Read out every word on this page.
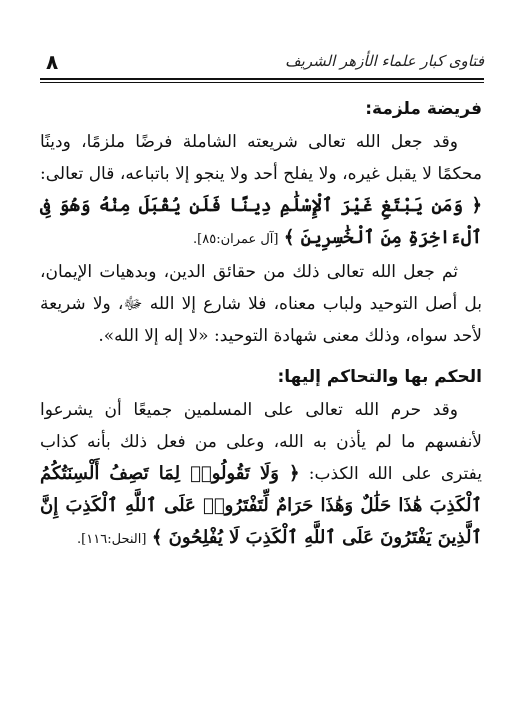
فتاوى كبار علماء الأزهر الشريف
٨
فريضة ملزمة:

وقد جعل الله تعالى شريعته الشاملة فرضًا ملزمًا، ودينًا محكمًا لا يقبل غيره، ولا يفلح أحد ولا ينجو إلا باتباعه، قال تعالى: ﴿ وَمَن يَبْتَغِ غَيْرَ ٱلْإِسْلَٰمِ دِينًا فَلَن يُقْبَلَ مِنْهُ وَهُوَ فِى ٱلْءَاخِرَةِ مِنَ ٱلْخَٰسِرِينَ ﴾ [آل عمران:٨٥].

ثم جعل الله تعالى ذلك من حقائق الدين، وبدهيات الإيمان، بل أصل التوحيد ولباب معناه، فلا شارع إلا الله ﷻ، ولا شريعة لأحد سواه، وذلك معنى شهادة التوحيد: «لا إله إلا الله».

الحكم بها والتحاكم إليها:

وقد حرم الله تعالى على المسلمين جميعًا أن يشرعوا لأنفسهم ما لم يأذن به الله، وعلى من فعل ذلك بأنه كذاب يفترى على الله الكذب: ﴿ وَلَا تَقُولُوا۟ لِمَا تَصِفُ أَلْسِنَتُكُمُ ٱلْكَذِبَ هَٰذَا حَلَٰلٌ وَهَٰذَا حَرَامٌ لِّتَفْتَرُوا۟ عَلَى ٱللَّهِ ٱلْكَذِبَ إِنَّ ٱلَّذِينَ يَفْتَرُونَ عَلَى ٱللَّهِ ٱلْكَذِبَ لَا يُفْلِحُونَ ﴾ [النحل:١١٦].
